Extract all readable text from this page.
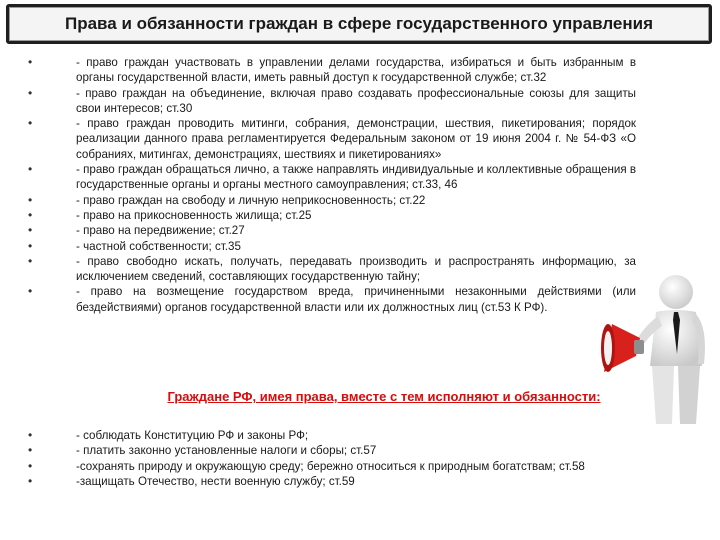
Права и обязанности граждан в сфере государственного управления
•	- право граждан участвовать в управлении делами государства, избираться и быть избранным в органы государственной власти, иметь равный доступ к государственной службе; ст.32
•	- право граждан на объединение, включая право создавать профессиональные союзы для защиты свои интересов; ст.30
•	- право граждан проводить митинги, собрания, демонстрации, шествия, пикетирования; порядок реализации данного права регламентируется Федеральным законом от 19 июня 2004 г. № 54-ФЗ «О собраниях, митингах, демонстрациях, шествиях и пикетированиях»
•	- право граждан обращаться лично, а также направлять индивидуальные и коллективные обращения в государственные органы и органы местного самоуправления; ст.33, 46
•	- право граждан на свободу и личную неприкосновенность; ст.22
•	- право на прикосновенность жилища; ст.25
•	- право на передвижение; ст.27
•	- частной собственности; ст.35
•	- право свободно искать, получать, передавать производить и распространять информацию, за исключением сведений, составляющих государственную тайну;
•	- право на возмещение государством вреда, причиненными незаконными действиями (или бездействиями) органов государственной власти или их должностных лиц (ст.53 К РФ).
Граждане РФ, имея права, вместе с тем исполняют и обязанности:
•	- соблюдать Конституцию РФ и законы РФ;
•	- платить законно установленные налоги и сборы; ст.57
•	-сохранять природу и окружающую среду; бережно относиться к природным богатствам; ст.58
•	-защищать Отечество, нести военную службу; ст.59
